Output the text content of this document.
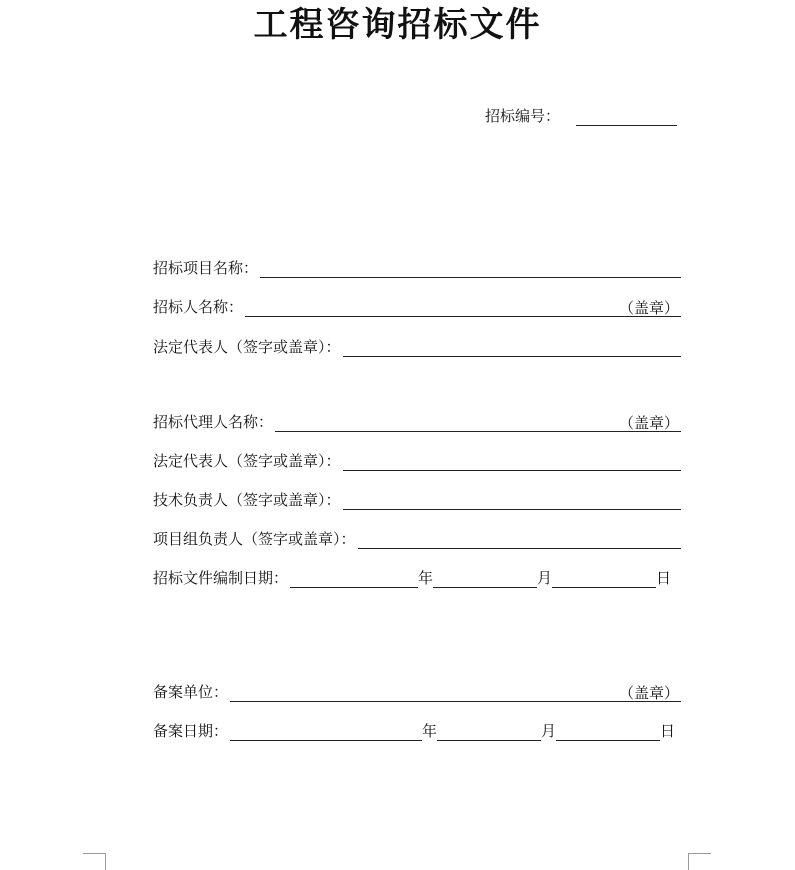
工程咨询招标文件
招标编号：
招标项目名称：
招标人名称：	（盖章）
法定代表人（签字或盖章）：
招标代理人名称：	（盖章）
法定代表人（签字或盖章）：
技术负责人（签字或盖章）：
项目组负责人（签字或盖章）：
招标文件编制日期：	年	月	日
备案单位：	（盖章）
备案日期：	年	月	日
